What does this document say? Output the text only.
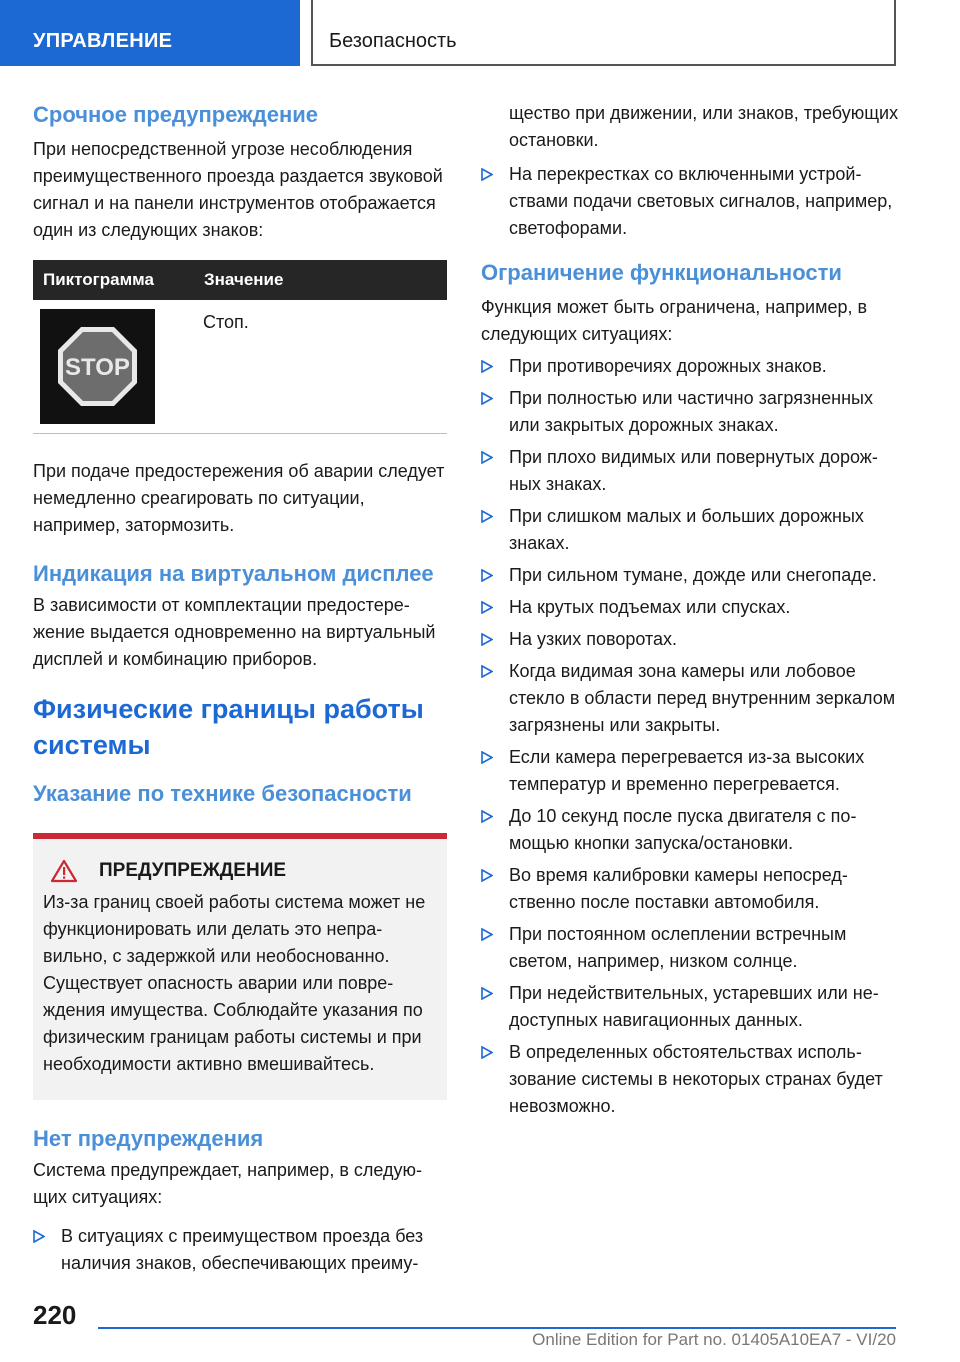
УПРАВЛЕНИЕ	Безопасность
Срочное предупреждение
При непосредственной угрозе несоблюдения преимущественного проезда раздается звуковой сигнал и на панели инструментов отображается один из следующих знаков:
Пиктограмма	Значение
STOP
Стоп.
При подаче предостережения об аварии следует немедленно среагировать по ситуации, например, затормозить.
Индикация на виртуальном дисплее
В зависимости от комплектации предостережение выдается одновременно на виртуальный дисплей и комбинацию приборов.
Физические границы работы системы
Указание по технике безопасности
ПРЕДУПРЕЖДЕНИЕ
Из-за границ своей работы система может не функционировать или делать это неправильно, с задержкой или необоснованно. Существует опасность аварии или повреждения имущества. Соблюдайте указания по физическим границам работы системы и при необходимости активно вмешивайтесь.
Нет предупреждения
Система предупреждает, например, в следующих ситуациях:
В ситуациях с преимуществом проезда без наличия знаков, обеспечивающих преиму-
щество при движении, или знаков, требующих остановки.
На перекрестках со включенными устройствами подачи световых сигналов, например, светофорами.
Ограничение функциональности
Функция может быть ограничена, например, в следующих ситуациях:
При противоречиях дорожных знаков.
При полностью или частично загрязненных или закрытых дорожных знаках.
При плохо видимых или повернутых дорожных знаках.
При слишком малых и больших дорожных знаках.
При сильном тумане, дожде или снегопаде.
На крутых подъемах или спусках.
На узких поворотах.
Когда видимая зона камеры или лобовое стекло в области перед внутренним зеркалом загрязнены или закрыты.
Если камера перегревается из-за высоких температур и временно перегревается.
До 10 секунд после пуска двигателя с помощью кнопки запуска/остановки.
Во время калибровки камеры непосредственно после поставки автомобиля.
При постоянном ослеплении встречным светом, например, низком солнце.
При недействительных, устаревших или недоступных навигационных данных.
В определенных обстоятельствах использование системы в некоторых странах будет невозможно.
220
Online Edition for Part no. 01405A10EA7 - VI/20
